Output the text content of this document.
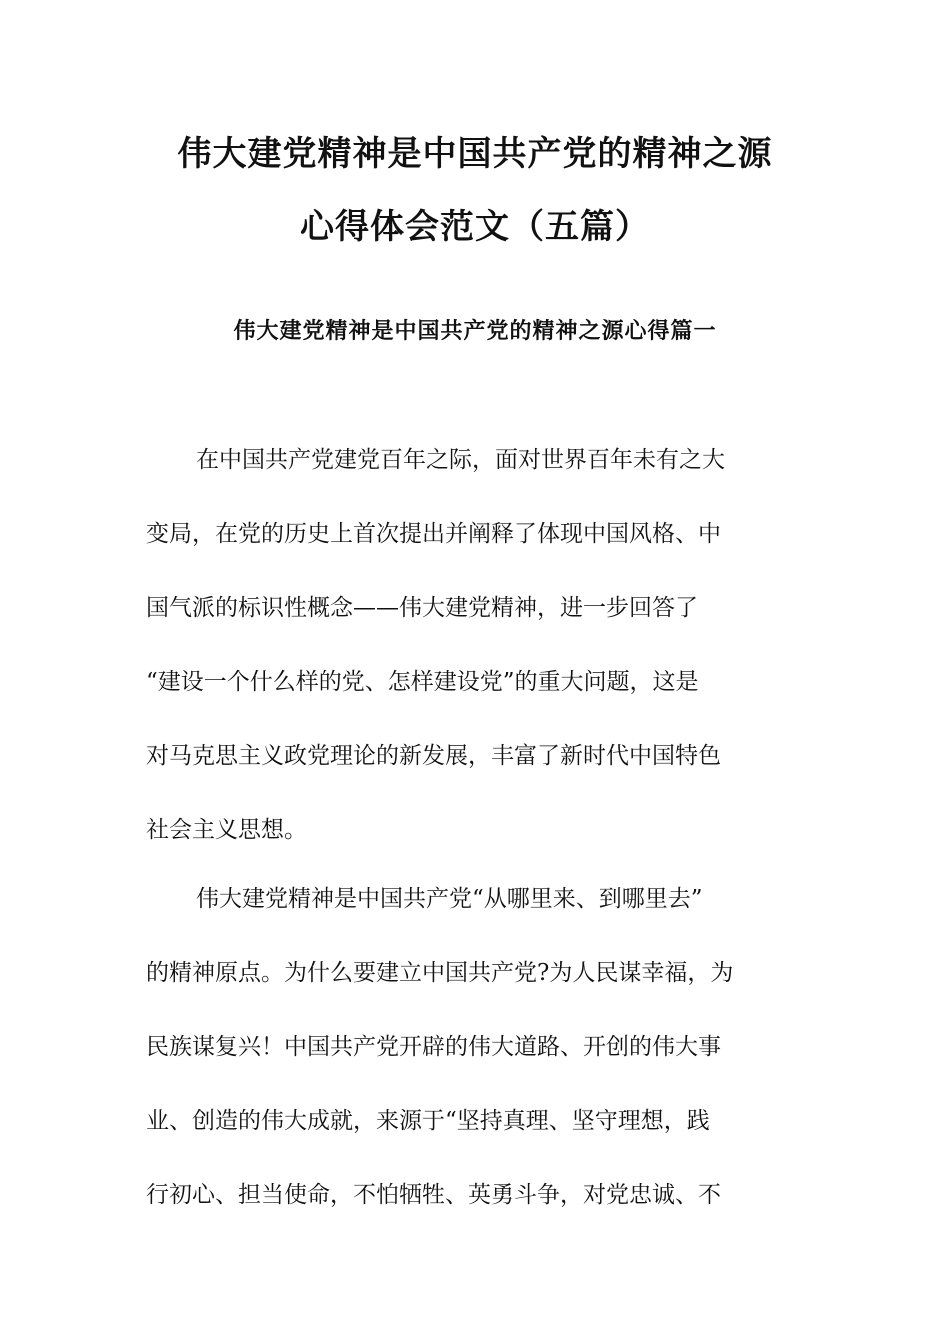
伟大建党精神是中国共产党的精神之源
心得体会范文（五篇）
伟大建党精神是中国共产党的精神之源心得篇一
在中国共产党建党百年之际，面对世界百年未有之大
变局，在党的历史上首次提出并阐释了体现中国风格、中
国气派的标识性概念——伟大建党精神，进一步回答了
“建设一个什么样的党、怎样建设党”的重大问题，这是
对马克思主义政党理论的新发展，丰富了新时代中国特色
社会主义思想。
伟大建党精神是中国共产党“从哪里来、到哪里去”
的精神原点。为什么要建立中国共产党?为人民谋幸福，为
民族谋复兴！中国共产党开辟的伟大道路、开创的伟大事
业、创造的伟大成就，来源于“坚持真理、坚守理想，践
行初心、担当使命，不怕牺牲、英勇斗争，对党忠诚、不
